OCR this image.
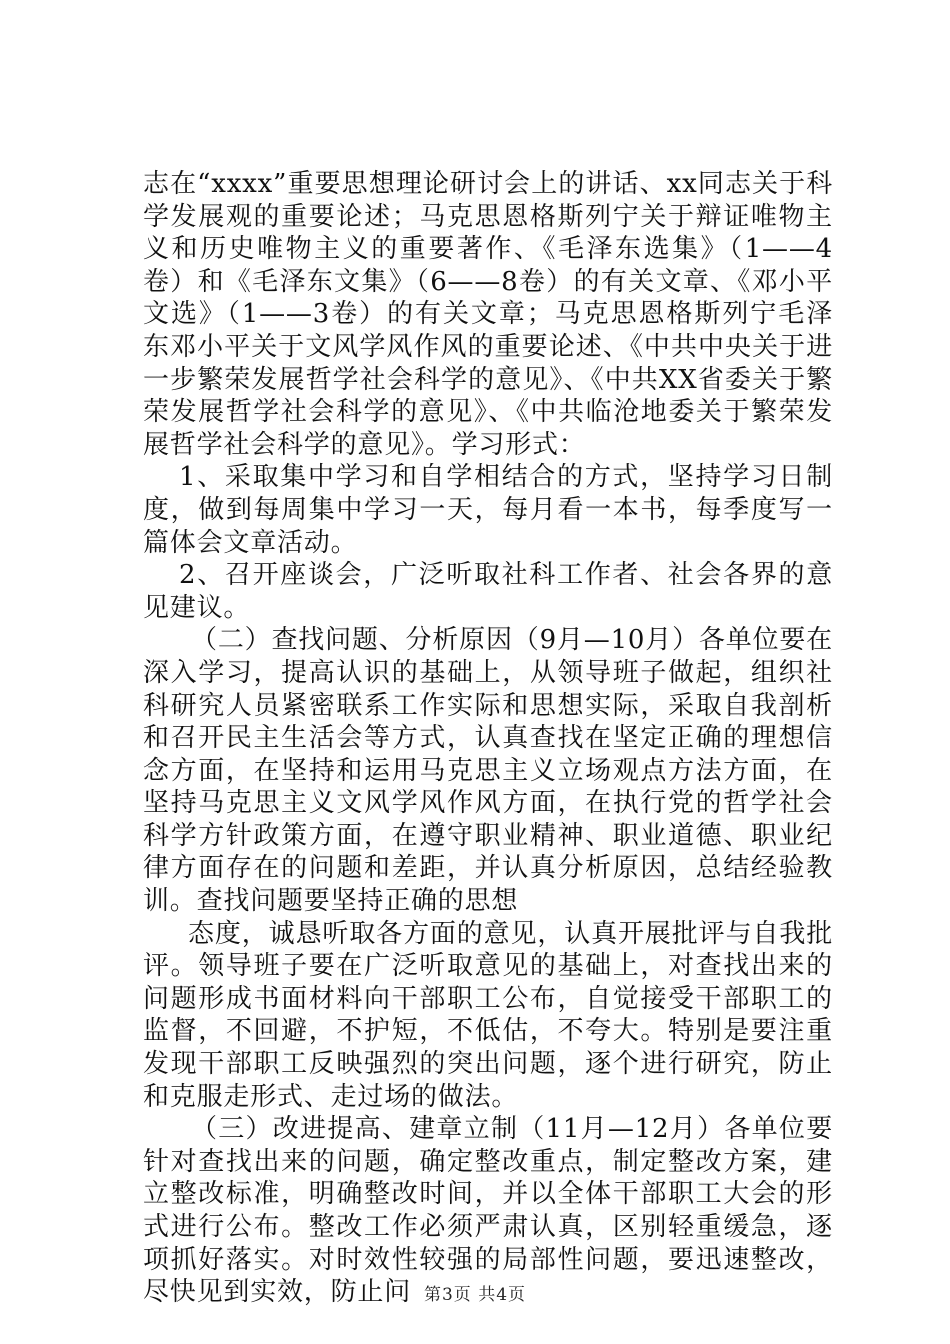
志在“xxxx”重要思想理论研讨会上的讲话、xx同志关于科学发展观的重要论述；马克思恩格斯列宁关于辩证唯物主义和历史唯物主义的重要著作、《毛泽东选集》（1——4卷）和《毛泽东文集》（6——8卷）的有关文章、《邓小平文选》（1——3卷）的有关文章；马克思恩格斯列宁毛泽东邓小平关于文风学风作风的重要论述、《中共中央关于进一步繁荣发展哲学社会科学的意见》、《中共XX省委关于繁荣发展哲学社会科学的意见》、《中共临沧地委关于繁荣发展哲学社会科学的意见》。学习形式：

1、采取集中学习和自学相结合的方式，坚持学习日制度，做到每周集中学习一天，每月看一本书，每季度写一篇体会文章活动。

2、召开座谈会，广泛听取社科工作者、社会各界的意见建议。

（二）查找问题、分析原因（9月—10月）各单位要在深入学习，提高认识的基础上，从领导班子做起，组织社科研究人员紧密联系工作实际和思想实际，采取自我剖析和召开民主生活会等方式，认真查找在坚定正确的理想信念方面，在坚持和运用马克思主义立场观点方法方面，在坚持马克思主义文风学风作风方面，在执行党的哲学社会科学方针政策方面，在遵守职业精神、职业道德、职业纪律方面存在的问题和差距，并认真分析原因，总结经验教训。查找问题要坚持正确的思想

态度，诚恳听取各方面的意见，认真开展批评与自我批评。领导班子要在广泛听取意见的基础上，对查找出来的问题形成书面材料向干部职工公布，自觉接受干部职工的监督，不回避，不护短，不低估，不夸大。特别是要注重发现干部职工反映强烈的突出问题，逐个进行研究，防止和克服走形式、走过场的做法。

（三）改进提高、建章立制（11月—12月）各单位要针对查找出来的问题，确定整改重点，制定整改方案，建立整改标准，明确整改时间，并以全体干部职工大会的形式进行公布。整改工作必须严肃认真，区别轻重缓急，逐项抓好落实。对时效性较强的局部性问题，要迅速整改，尽快见到实效，防止问 第3页 共4页
